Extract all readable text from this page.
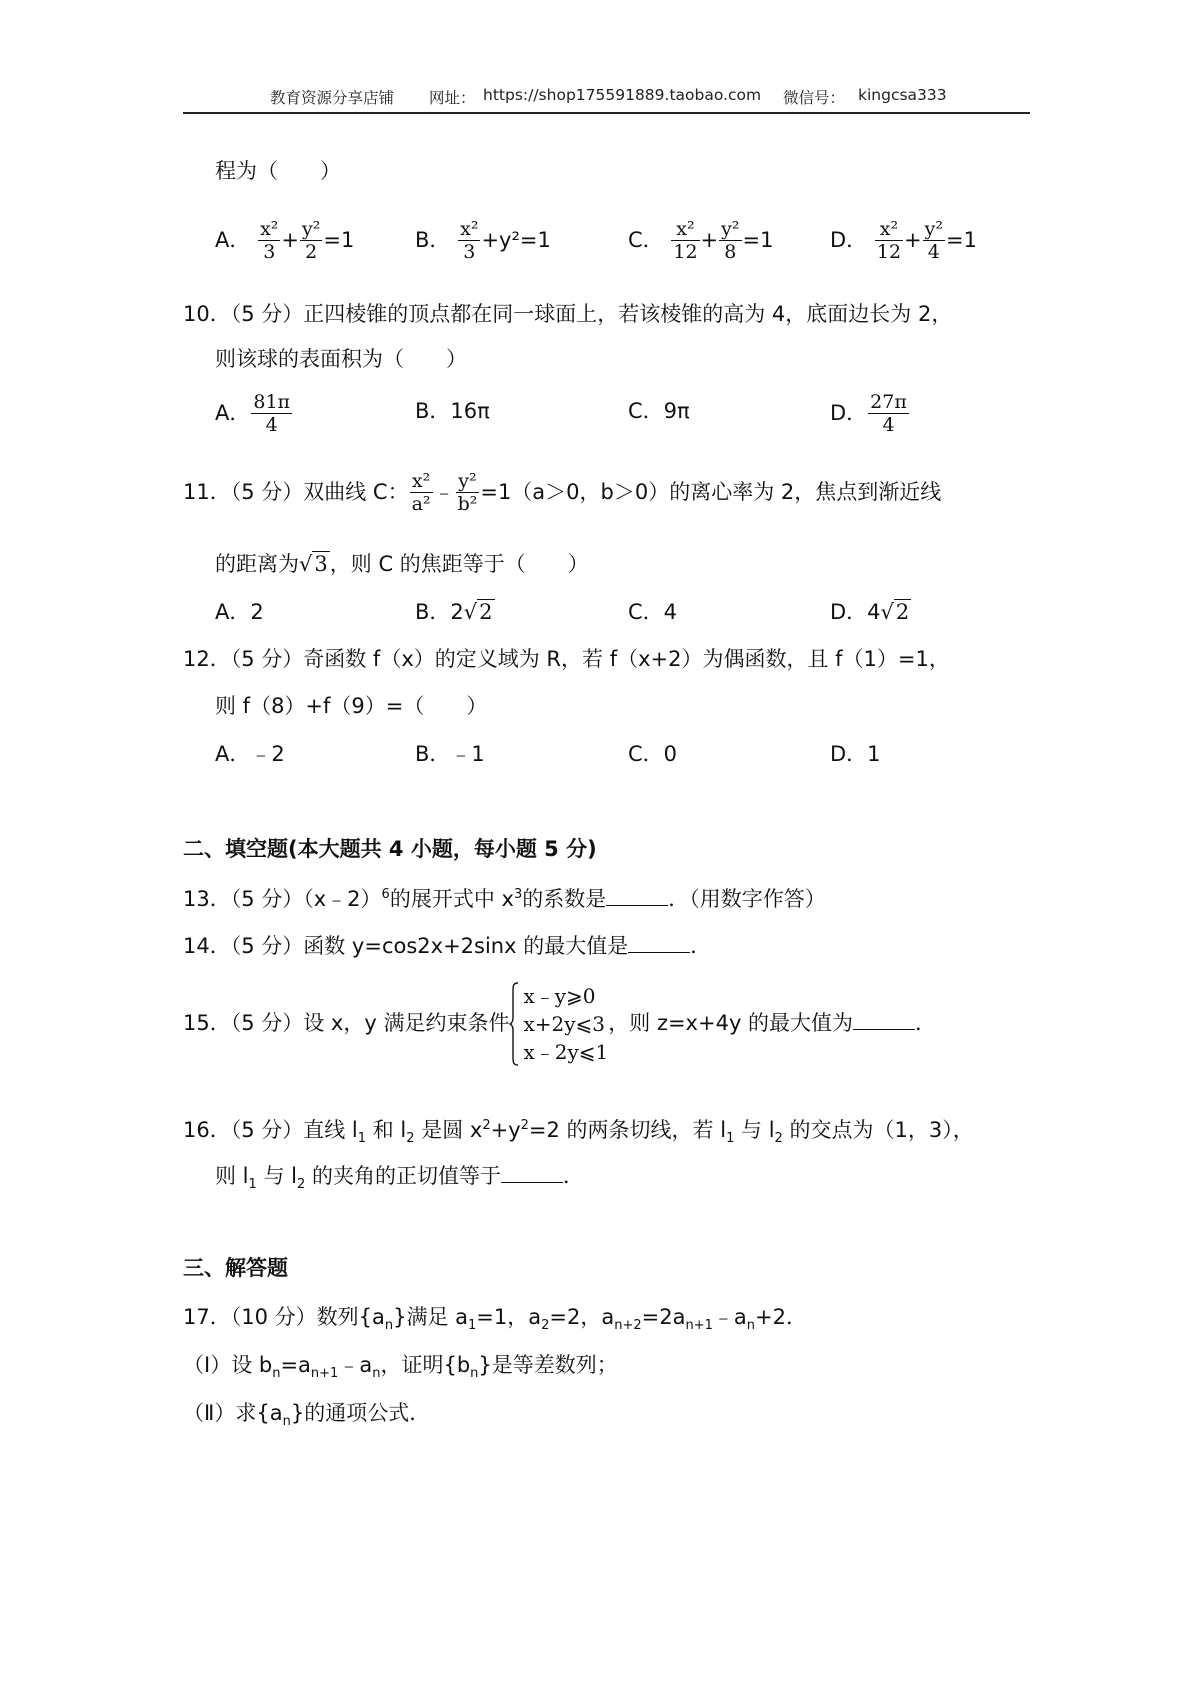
教育资源分享店铺 网址： https://shop175591889.taobao.com 微信号： kingcsa333
程为（　　）
A． $\frac{\text{x²}}{3} + \frac{\text{y²}}{2} =1$	B． $\frac{\text{x²}}{3} +y^2=1$	C． $\frac{\text{x²}}{12} + \frac{\text{y²}}{8} =1$	D． $\frac{\text{x²}}{12} + \frac{\text{y²}}{4} =1$
10．（5 分）正四棱锥的顶点都在同一球面上，若该棱锥的高为 4，底面边长为 2，
则该球的表面积为（　　）
A． $\frac{81\pi}{4}$	B．16π	C．9π	D． $\frac{27\pi}{4}$
11．（5 分）双曲线 C： $\frac{\text{x²}}{\text{a²}}$ ﹣ $\frac{\text{y²}}{\text{b²}} =1(a>0$，b＞0）的离心率为 2，焦点到渐近线
的距离为√3，则 C 的焦距等于（　　）
A．2	B．2√2	C．4	D．4√2
12．（5 分）奇函数 f（x）的定义域为 R，若 f（x+2）为偶函数，且 f（1）=1，
则 f（8）+f（9）=（　　）
A．﹣2	B．﹣1	C．0	D．1
二、填空题(本大题共 4 小题，每小题 5 分)
13．（5 分）（x﹣2）$^6$的展开式中 $x^3$的系数是	．（用数字作答）
14．（5 分）函数 y=cos2x+2sinx 的最大值是	．
15．（5 分）设 x，y 满足约束条件
x﹣y⩾0
x+2y⩽3
x﹣2y⩽1
，则 z=x+4y 的最大值为	．
16．（5 分）直线 $l_1$ 和 $l_2$ 是圆 $x^2+y^2=2$ 的两条切线，若 $l_1$ 与 $l_2$ 的交点为（1，3），
则 $l_1$ 与 $l_2$ 的夹角的正切值等于	．
三、解答题
17．（10 分）数列$\{a_n\}$满足 $a_1=1$，$a_2=2$，$a_{n+2}=2a_{n+1}﹣a_n+2$．
（Ⅰ）设 $b_n=a_{n+1}﹣a_n$，证明$\{b_n\}$是等差数列；
（Ⅱ）求$\{a_n\}$的通项公式．
